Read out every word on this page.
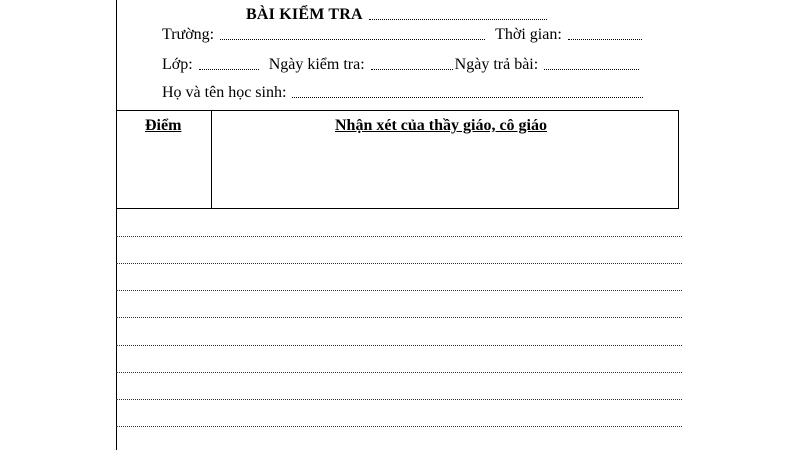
BÀI KIỂM TRA
Trường:	Thời gian:
Lớp:	Ngày kiểm tra:	Ngày trả bài:
Họ và tên học sinh:
Điểm	Nhận xét của thầy giáo, cô giáo
